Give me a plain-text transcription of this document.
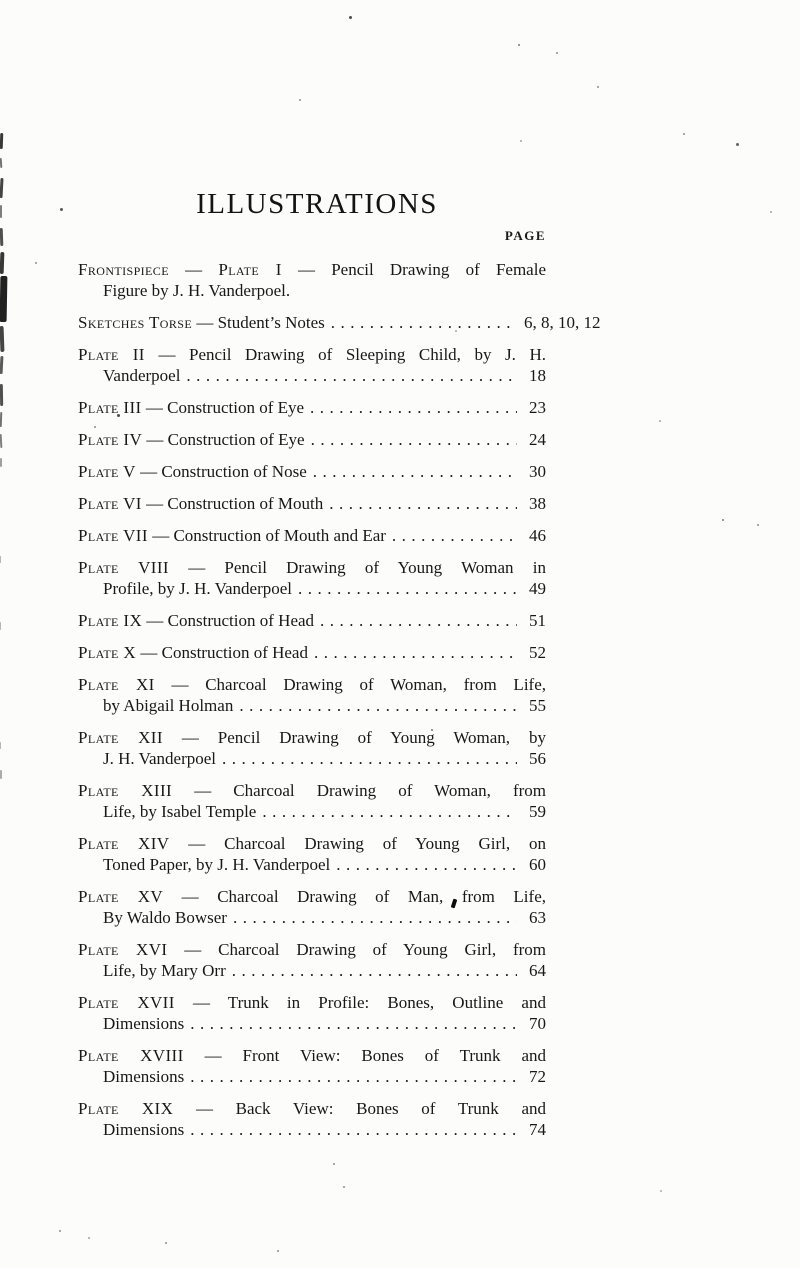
ILLUSTRATIONS
PAGE
Frontispiece — Plate I — Pencil Drawing of Female
Figure by J. H. Vanderpoel.
Sketches Torse — Student’s Notes .....	6, 8, 10, 12
Plate II — Pencil Drawing of Sleeping Child, by J. H.
Vanderpoel .....	18
Plate III — Construction of Eye .....	23
Plate IV — Construction of Eye .....	24
Plate V — Construction of Nose .....	30
Plate VI — Construction of Mouth .....	38
Plate VII — Construction of Mouth and Ear .....	46
Plate VIII — Pencil Drawing of Young Woman in
Profile, by J. H. Vanderpoel .....	49
Plate IX — Construction of Head .....	51
Plate X — Construction of Head .....	52
Plate XI — Charcoal Drawing of Woman, from Life,
by Abigail Holman .....	55
Plate XII — Pencil Drawing of Young Woman, by
J. H. Vanderpoel .....	56
Plate XIII — Charcoal Drawing of Woman, from
Life, by Isabel Temple .....	59
Plate XIV — Charcoal Drawing of Young Girl, on
Toned Paper, by J. H. Vanderpoel .....	60
Plate XV — Charcoal Drawing of Man, from Life,
By Waldo Bowser .....	63
Plate XVI — Charcoal Drawing of Young Girl, from
Life, by Mary Orr .....	64
Plate XVII — Trunk in Profile: Bones, Outline and
Dimensions .....	70
Plate XVIII — Front View: Bones of Trunk and
Dimensions .....	72
Plate XIX — Back View: Bones of Trunk and
Dimensions .....	74
